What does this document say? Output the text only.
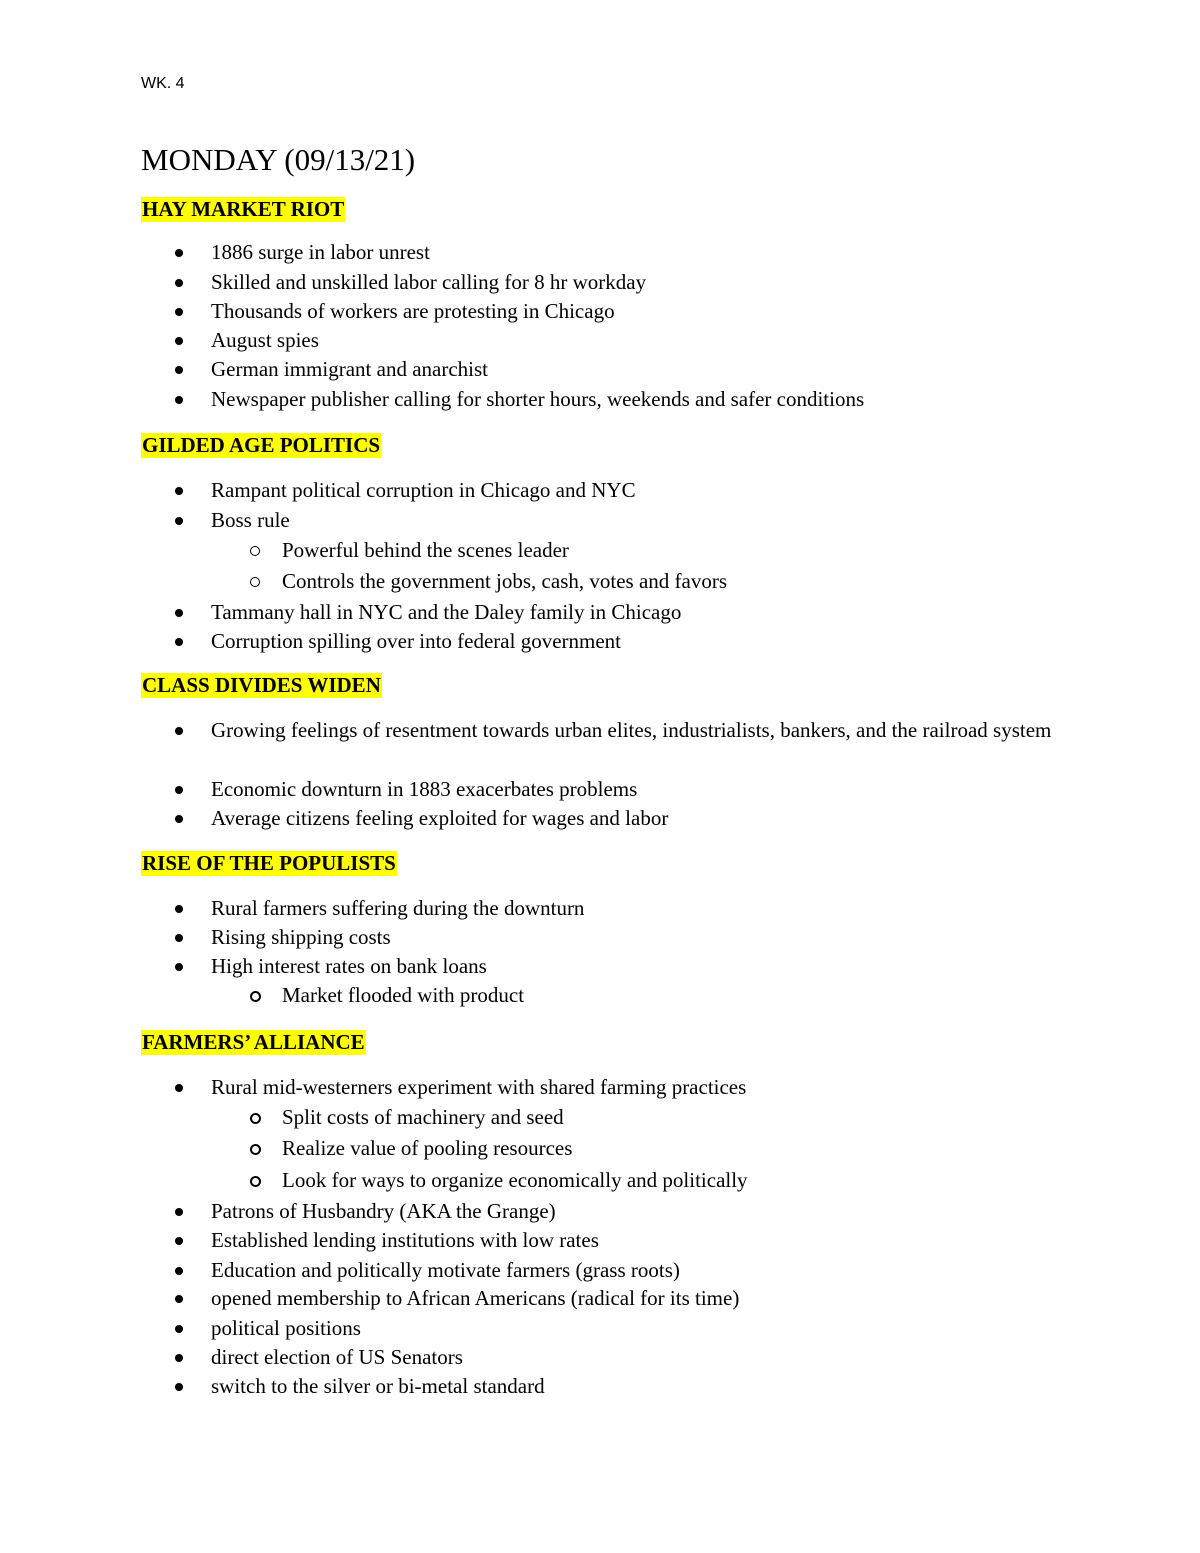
WK. 4
MONDAY (09/13/21)
HAY MARKET RIOT
1886 surge in labor unrest
Skilled and unskilled labor calling for 8 hr workday
Thousands of workers are protesting in Chicago
August spies
German immigrant and anarchist
Newspaper publisher calling for shorter hours, weekends and safer conditions
GILDED AGE POLITICS
Rampant political corruption in Chicago and NYC
Boss rule
Powerful behind the scenes leader
Controls the government jobs, cash, votes and favors
Tammany hall in NYC and the Daley family in Chicago
Corruption spilling over into federal government
CLASS DIVIDES WIDEN
Growing feelings of resentment towards urban elites, industrialists, bankers, and the railroad system
Economic downturn in 1883 exacerbates problems
Average citizens feeling exploited for wages and labor
RISE OF THE POPULISTS
Rural farmers suffering during the downturn
Rising shipping costs
High interest rates on bank loans
Market flooded with product
FARMERS’ ALLIANCE
Rural mid-westerners experiment with shared farming practices
Split costs of machinery and seed
Realize value of pooling resources
Look for ways to organize economically and politically
Patrons of Husbandry (AKA the Grange)
Established lending institutions with low rates
Education and politically motivate farmers (grass roots)
opened membership to African Americans (radical for its time)
political positions
direct election of US Senators
switch to the silver or bi-metal standard
